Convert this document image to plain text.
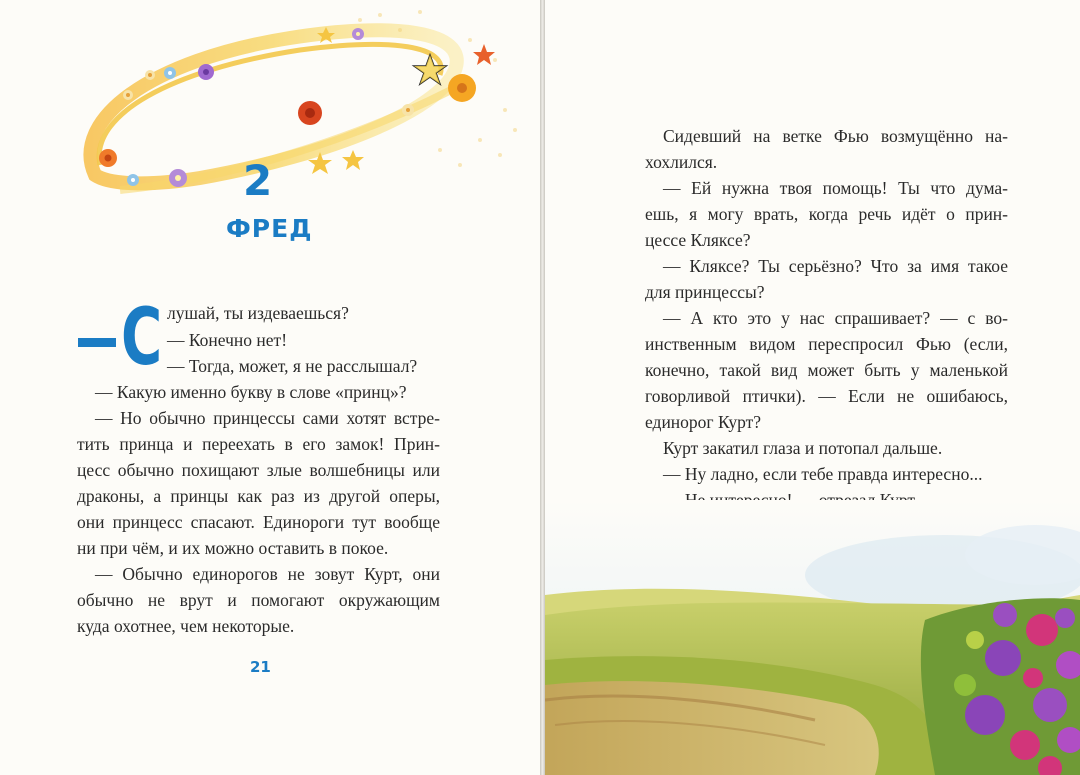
2
ФРЕД
С лушай, ты издеваешься?
— Конечно нет!
— Тогда, может, я не расслышал?
— Какую именно букву в слове «принц»?
— Но обычно принцессы сами хотят встре-
тить принца и переехать в его замок! Прин-
цесс обычно похищают злые волшебницы или
драконы, а принцы как раз из другой оперы,
они принцесс спасают. Единороги тут вообще
ни при чём, и их можно оставить в покое.
— Обычно единорогов не зовут Курт, они
обычно не врут и помогают окружающим
куда охотнее, чем некоторые.
21
Сидевший на ветке Фью возмущённо на-
хохлился.
— Ей нужна твоя помощь! Ты что дума-
ешь, я могу врать, когда речь идёт о прин-
цессе Кляксе?
— Кляксе? Ты серьёзно? Что за имя такое
для принцессы?
— А кто это у нас спрашивает? — с во-
инственным видом переспросил Фью (если,
конечно, такой вид может быть у маленькой
говорливой птички). — Если не ошибаюсь,
единорог Курт?
Курт закатил глаза и потопал дальше.
— Ну ладно, если тебе правда интересно...
